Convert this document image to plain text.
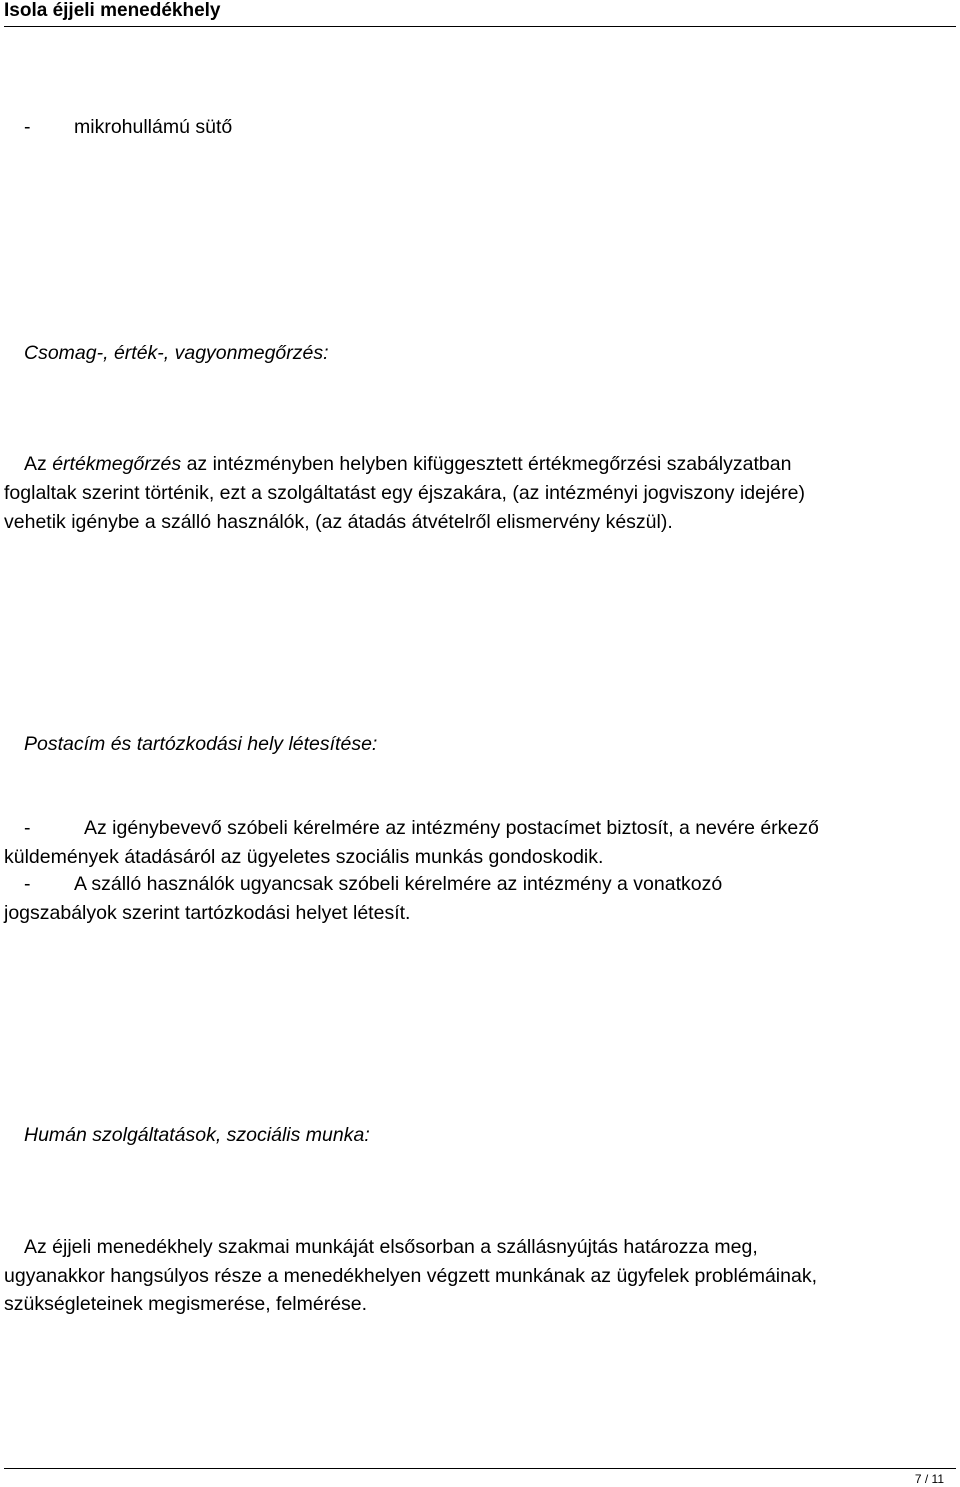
Isola éjjeli menedékhely
- mikrohullámú sütő
Csomag-, érték-, vagyonmegőrzés:
Az értékmegőrzés az intézményben helyben kifüggesztett értékmegőrzési szabályzatban
foglaltak szerint történik, ezt a szolgáltatást egy éjszakára, (az intézményi jogviszony idejére)
vehetik igénybe a szálló használók, (az átadás átvételről elismervény készül).
Postacím és tartózkodási hely létesítése:
-	Az igénybevevő szóbeli kérelmére az intézmény postacímet biztosít, a nevére érkező
küldemények átadásáról az ügyeletes szociális munkás gondoskodik.
- A szálló használók ugyancsak szóbeli kérelmére az intézmény a vonatkozó
jogszabályok szerint tartózkodási helyet létesít.
Humán szolgáltatások, szociális munka:
Az éjjeli menedékhely szakmai munkáját elsősorban a szállásnyújtás határozza meg,
ugyanakkor hangsúlyos része a menedékhelyen végzett munkának az ügyfelek problémáinak,
szükségleteinek megismerése, felmérése.
7 / 11
